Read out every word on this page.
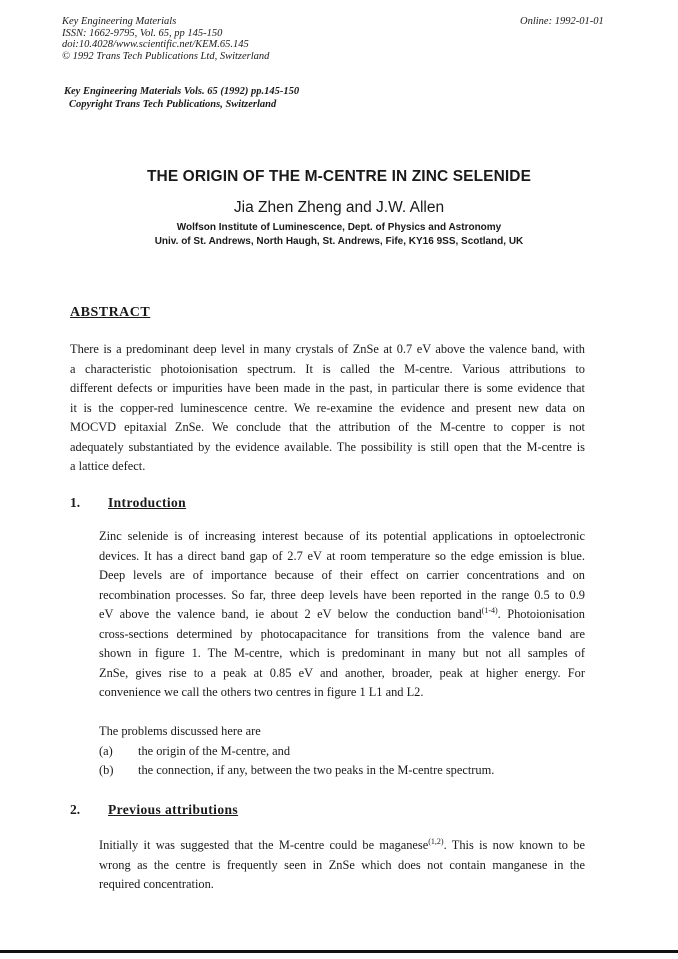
Key Engineering Materials
ISSN: 1662-9795, Vol. 65, pp 145-150
doi:10.4028/www.scientific.net/KEM.65.145
© 1992 Trans Tech Publications Ltd, Switzerland
Online: 1992-01-01
Key Engineering Materials Vols. 65 (1992) pp.145-150
Copyright Trans Tech Publications, Switzerland
THE ORIGIN OF THE M-CENTRE IN ZINC SELENIDE
Jia Zhen Zheng and J.W. Allen
Wolfson Institute of Luminescence, Dept. of Physics and Astronomy
Univ. of St. Andrews, North Haugh, St. Andrews, Fife, KY16 9SS, Scotland, UK
ABSTRACT
There is a predominant deep level in many crystals of ZnSe at 0.7 eV above the valence band, with
a characteristic photoionisation spectrum. It is called the M-centre. Various attributions to
different defects or impurities have been made in the past, in particular there is some evidence that
it is the copper-red luminescence centre. We re-examine the evidence and present new data on
MOCVD epitaxial ZnSe. We conclude that the attribution of the M-centre to copper is not
adequately substantiated by the evidence available. The possibility is still open that the M-centre is
a lattice defect.
1. Introduction
Zinc selenide is of increasing interest because of its potential applications in optoelectronic
devices. It has a direct band gap of 2.7 eV at room temperature so the edge emission is blue.
Deep levels are of importance because of their effect on carrier concentrations and on
recombination processes. So far, three deep levels have been reported in the range 0.5 to 0.9
eV above the valence band, ie about 2 eV below the conduction band$^{(1-4)}$. Photoionisation
cross-sections determined by photocapacitance for transitions from the valence band are
shown in figure 1. The M-centre, which is predominant in many but not all samples of
ZnSe, gives rise to a peak at 0.85 eV and another, broader, peak at higher energy. For
convenience we call the others two centres in figure 1 L1 and L2.
The problems discussed here are
(a) the origin of the M-centre, and
(b) the connection, if any, between the two peaks in the M-centre spectrum.
2. Previous attributions
Initially it was suggested that the M-centre could be maganese$^{(1,2)}$. This is now known to be
wrong as the centre is frequently seen in ZnSe which does not contain manganese in the
required concentration.
